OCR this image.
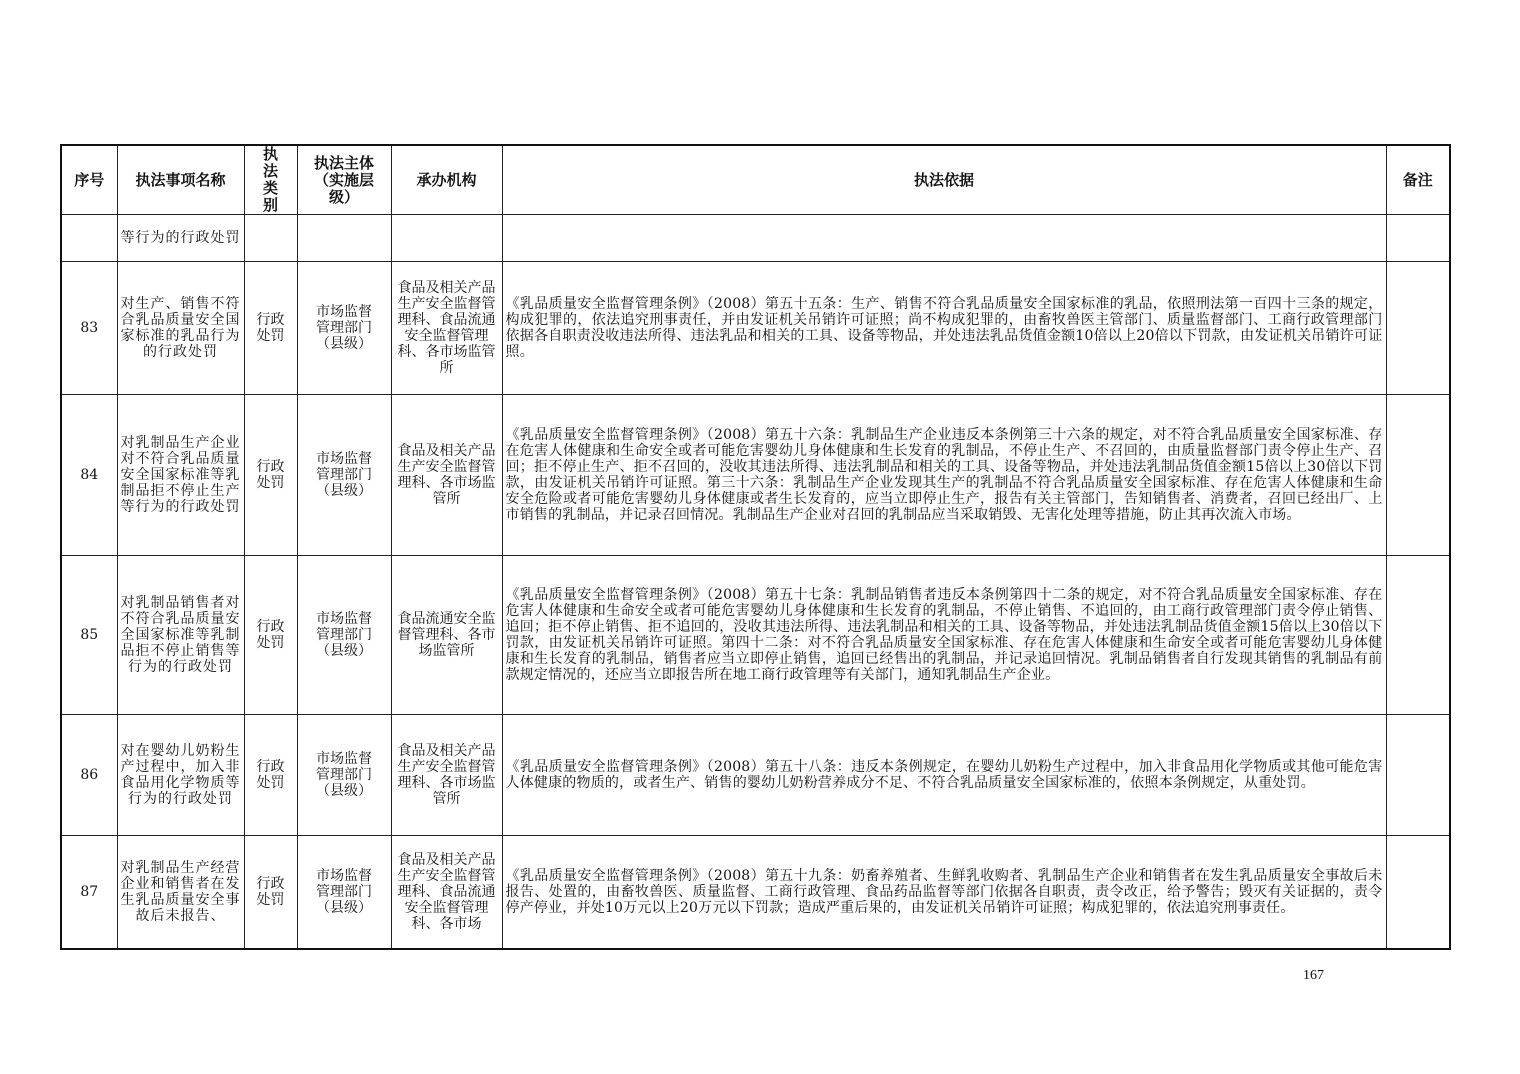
序号	执法事项名称	执法类别	执法主体（实施层级）	承办机构	执法依据	备注
	等行为的行政处罚					
83	对生产、销售不符合乳品质量安全国家标准的乳品行为的行政处罚	行政处罚	市场监督管理部门（县级）	食品及相关产品生产安全监督管理科、食品流通安全监督管理科、各市场监管所	《乳品质量安全监督管理条例》（2008）第五十五条：生产、销售不符合乳品质量安全国家标准的乳品，依照刑法第一百四十三条的规定，构成犯罪的，依法追究刑事责任，并由发证机关吊销许可证照；尚不构成犯罪的，由畜牧兽医主管部门、质量监督部门、工商行政管理部门依据各自职责没收违法所得、违法乳品和相关的工具、设备等物品，并处违法乳品货值金额10倍以上20倍以下罚款，由发证机关吊销许可证照。	
84	对乳制品生产企业对不符合乳品质量安全国家标准等乳制品拒不停止生产等行为的行政处罚	行政处罚	市场监督管理部门（县级）	食品及相关产品生产安全监督管理科、各市场监管所	《乳品质量安全监督管理条例》（2008）第五十六条：乳制品生产企业违反本条例第三十六条的规定，对不符合乳品质量安全国家标准、存在危害人体健康和生命安全或者可能危害婴幼儿身体健康和生长发育的乳制品，不停止生产、不召回的，由质量监督部门责令停止生产、召回；拒不停止生产、拒不召回的，没收其违法所得、违法乳制品和相关的工具、设备等物品，并处违法乳制品货值金额15倍以上30倍以下罚款，由发证机关吊销许可证照。第三十六条：乳制品生产企业发现其生产的乳制品不符合乳品质量安全国家标准、存在危害人体健康和生命安全危险或者可能危害婴幼儿身体健康或者生长发育的，应当立即停止生产，报告有关主管部门，告知销售者、消费者，召回已经出厂、上市销售的乳制品，并记录召回情况。乳制品生产企业对召回的乳制品应当采取销毁、无害化处理等措施，防止其再次流入市场。	
85	对乳制品销售者对不符合乳品质量安全国家标准等乳制品拒不停止销售等行为的行政处罚	行政处罚	市场监督管理部门（县级）	食品流通安全监督管理科、各市场监管所	《乳品质量安全监督管理条例》（2008）第五十七条：乳制品销售者违反本条例第四十二条的规定，对不符合乳品质量安全国家标准、存在危害人体健康和生命安全或者可能危害婴幼儿身体健康和生长发育的乳制品，不停止销售、不追回的，由工商行政管理部门责令停止销售、追回；拒不停止销售、拒不追回的，没收其违法所得、违法乳制品和相关的工具、设备等物品，并处违法乳制品货值金额15倍以上30倍以下罚款，由发证机关吊销许可证照。第四十二条：对不符合乳品质量安全国家标准、存在危害人体健康和生命安全或者可能危害婴幼儿身体健康和生长发育的乳制品，销售者应当立即停止销售，追回已经售出的乳制品，并记录追回情况。乳制品销售者自行发现其销售的乳制品有前款规定情况的，还应当立即报告所在地工商行政管理等有关部门，通知乳制品生产企业。	
86	对在婴幼儿奶粉生产过程中，加入非食品用化学物质等行为的行政处罚	行政处罚	市场监督管理部门（县级）	食品及相关产品生产安全监督管理科、各市场监管所	《乳品质量安全监督管理条例》（2008）第五十八条：违反本条例规定，在婴幼儿奶粉生产过程中，加入非食品用化学物质或其他可能危害人体健康的物质的，或者生产、销售的婴幼儿奶粉营养成分不足、不符合乳品质量安全国家标准的，依照本条例规定，从重处罚。	
87	对乳制品生产经营企业和销售者在发生乳品质量安全事故后未报告、	行政处罚	市场监督管理部门（县级）	食品及相关产品生产安全监督管理科、食品流通安全监督管理科、各市场	《乳品质量安全监督管理条例》（2008）第五十九条：奶畜养殖者、生鲜乳收购者、乳制品生产企业和销售者在发生乳品质量安全事故后未报告、处置的，由畜牧兽医、质量监督、工商行政管理、食品药品监督等部门依据各自职责，责令改正，给予警告；毁灭有关证据的，责令停产停业，并处10万元以上20万元以下罚款；造成严重后果的，由发证机关吊销许可证照；构成犯罪的，依法追究刑事责任。	
167
